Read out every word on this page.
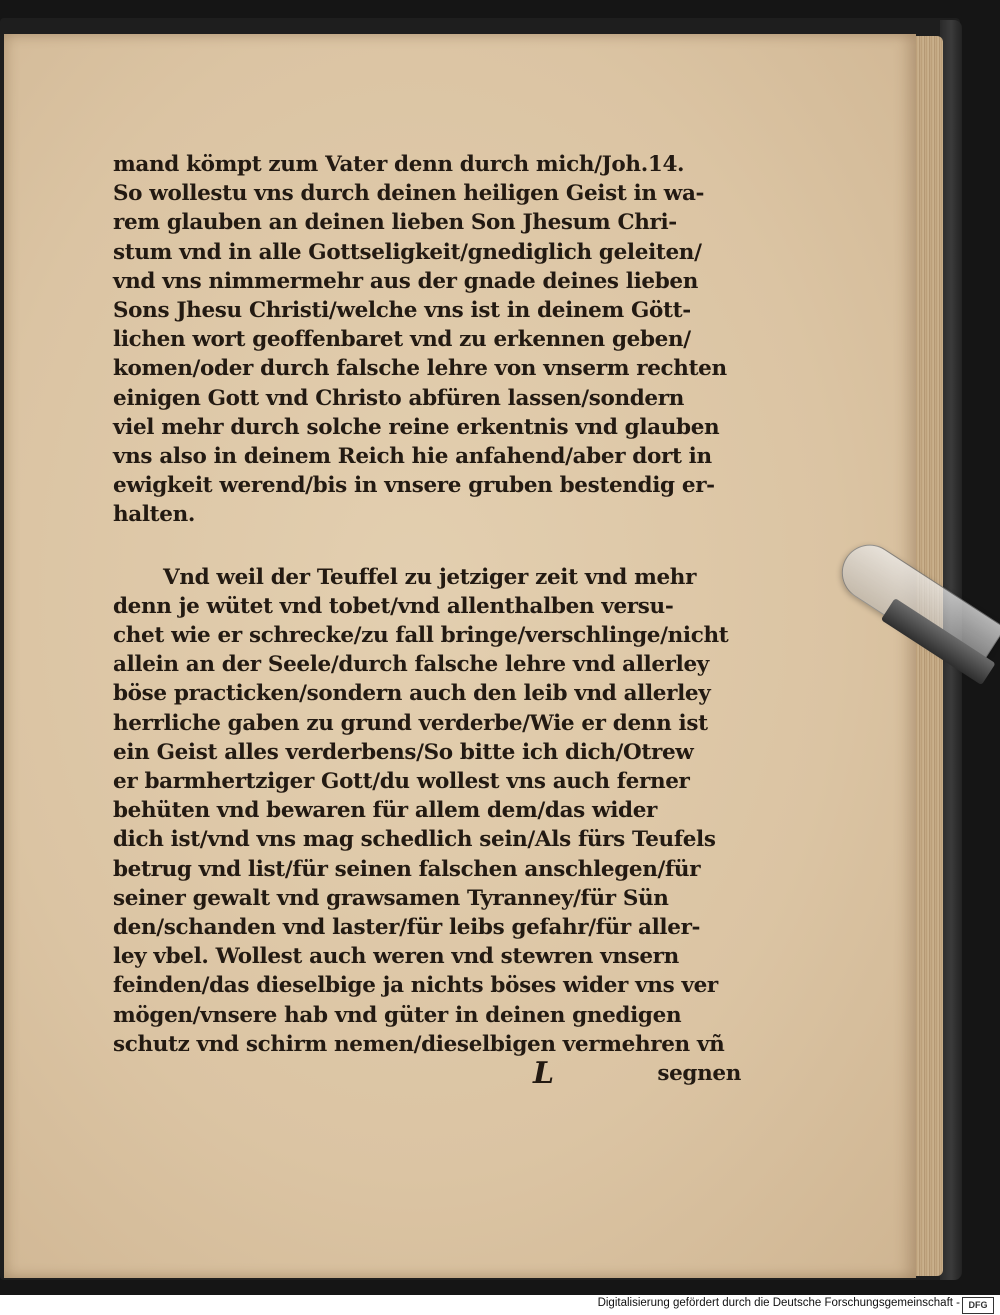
mand kömpt zum Vater denn durch mich/Joh.14.
So wollestu vns durch deinen heiligen Geist in wa-
rem glauben an deinen lieben Son Jhesum Chri-
stum vnd in alle Gottseligkeit/gnediglich geleiten/
vnd vns nimmermehr aus der gnade deines lieben
Sons Jhesu Christi/welche vns ist in deinem Gött-
lichen wort geoffenbaret vnd zu erkennen geben/
komen/oder durch falsche lehre von vnserm rechten
einigen Gott vnd Christo abfüren lassen/sondern
viel mehr durch solche reine erkentnis vnd glauben
vns also in deinem Reich hie anfahend/aber dort in
ewigkeit werend/bis in vnsere gruben bestendig er-
halten.
Vnd weil der Teuffel zu jetziger zeit vnd mehr
denn je wütet vnd tobet/vnd allenthalben versu-
chet wie er schrecke/zu fall bringe/verschlinge/nicht
allein an der Seele/durch falsche lehre vnd allerley
böse practicken/sondern auch den leib vnd allerley
herrliche gaben zu grund verderbe/Wie er denn ist
ein Geist alles verderbens/So bitte ich dich/Otrew
er barmhertziger Gott/du wollest vns auch ferner
behüten vnd bewaren für allem dem/das wider
dich ist/vnd vns mag schedlich sein/Als fürs Teufels
betrug vnd list/für seinen falschen anschlegen/für
seiner gewalt vnd grawsamen Tyranney/für Sün
den/schanden vnd laster/für leibs gefahr/für aller-
ley vbel. Wollest auch weren vnd stewren vnsern
feinden/das dieselbige ja nichts böses wider vns ver
mögen/vnsere hab vnd güter in deinen gnedigen
schutz vnd schirm nemen/dieselbigen vermehren vñ
L	segnen
Digitalisierung gefördert durch die Deutsche Forschungsgemeinschaft - DFG
